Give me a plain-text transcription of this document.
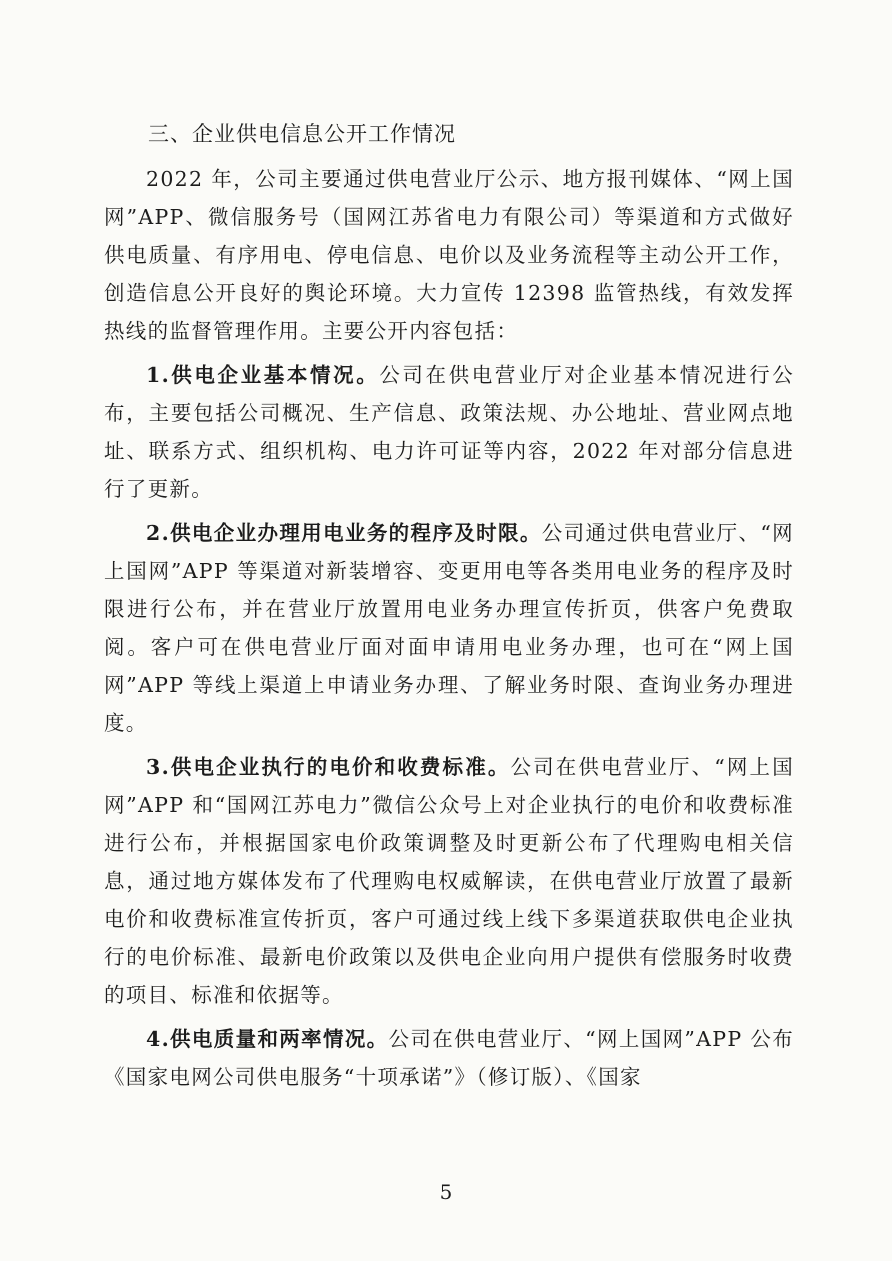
三、企业供电信息公开工作情况

2022 年，公司主要通过供电营业厅公示、地方报刊媒体、“网上国网”APP、微信服务号（国网江苏省电力有限公司）等渠道和方式做好供电质量、有序用电、停电信息、电价以及业务流程等主动公开工作，创造信息公开良好的舆论环境。大力宣传 12398 监管热线，有效发挥热线的监督管理作用。主要公开内容包括：

1.供电企业基本情况。公司在供电营业厅对企业基本情况进行公布，主要包括公司概况、生产信息、政策法规、办公地址、营业网点地址、联系方式、组织机构、电力许可证等内容，2022 年对部分信息进行了更新。

2.供电企业办理用电业务的程序及时限。公司通过供电营业厅、“网上国网”APP 等渠道对新装增容、变更用电等各类用电业务的程序及时限进行公布，并在营业厅放置用电业务办理宣传折页，供客户免费取阅。客户可在供电营业厅面对面申请用电业务办理，也可在“网上国网”APP 等线上渠道上申请业务办理、了解业务时限、查询业务办理进度。

3.供电企业执行的电价和收费标准。公司在供电营业厅、“网上国网”APP 和“国网江苏电力”微信公众号上对企业执行的电价和收费标准进行公布，并根据国家电价政策调整及时更新公布了代理购电相关信息，通过地方媒体发布了代理购电权威解读，在供电营业厅放置了最新电价和收费标准宣传折页，客户可通过线上线下多渠道获取供电企业执行的电价标准、最新电价政策以及供电企业向用户提供有偿服务时收费的项目、标准和依据等。

4.供电质量和两率情况。公司在供电营业厅、“网上国网”APP 公布《国家电网公司供电服务“十项承诺”》（修订版）、《国家

5
